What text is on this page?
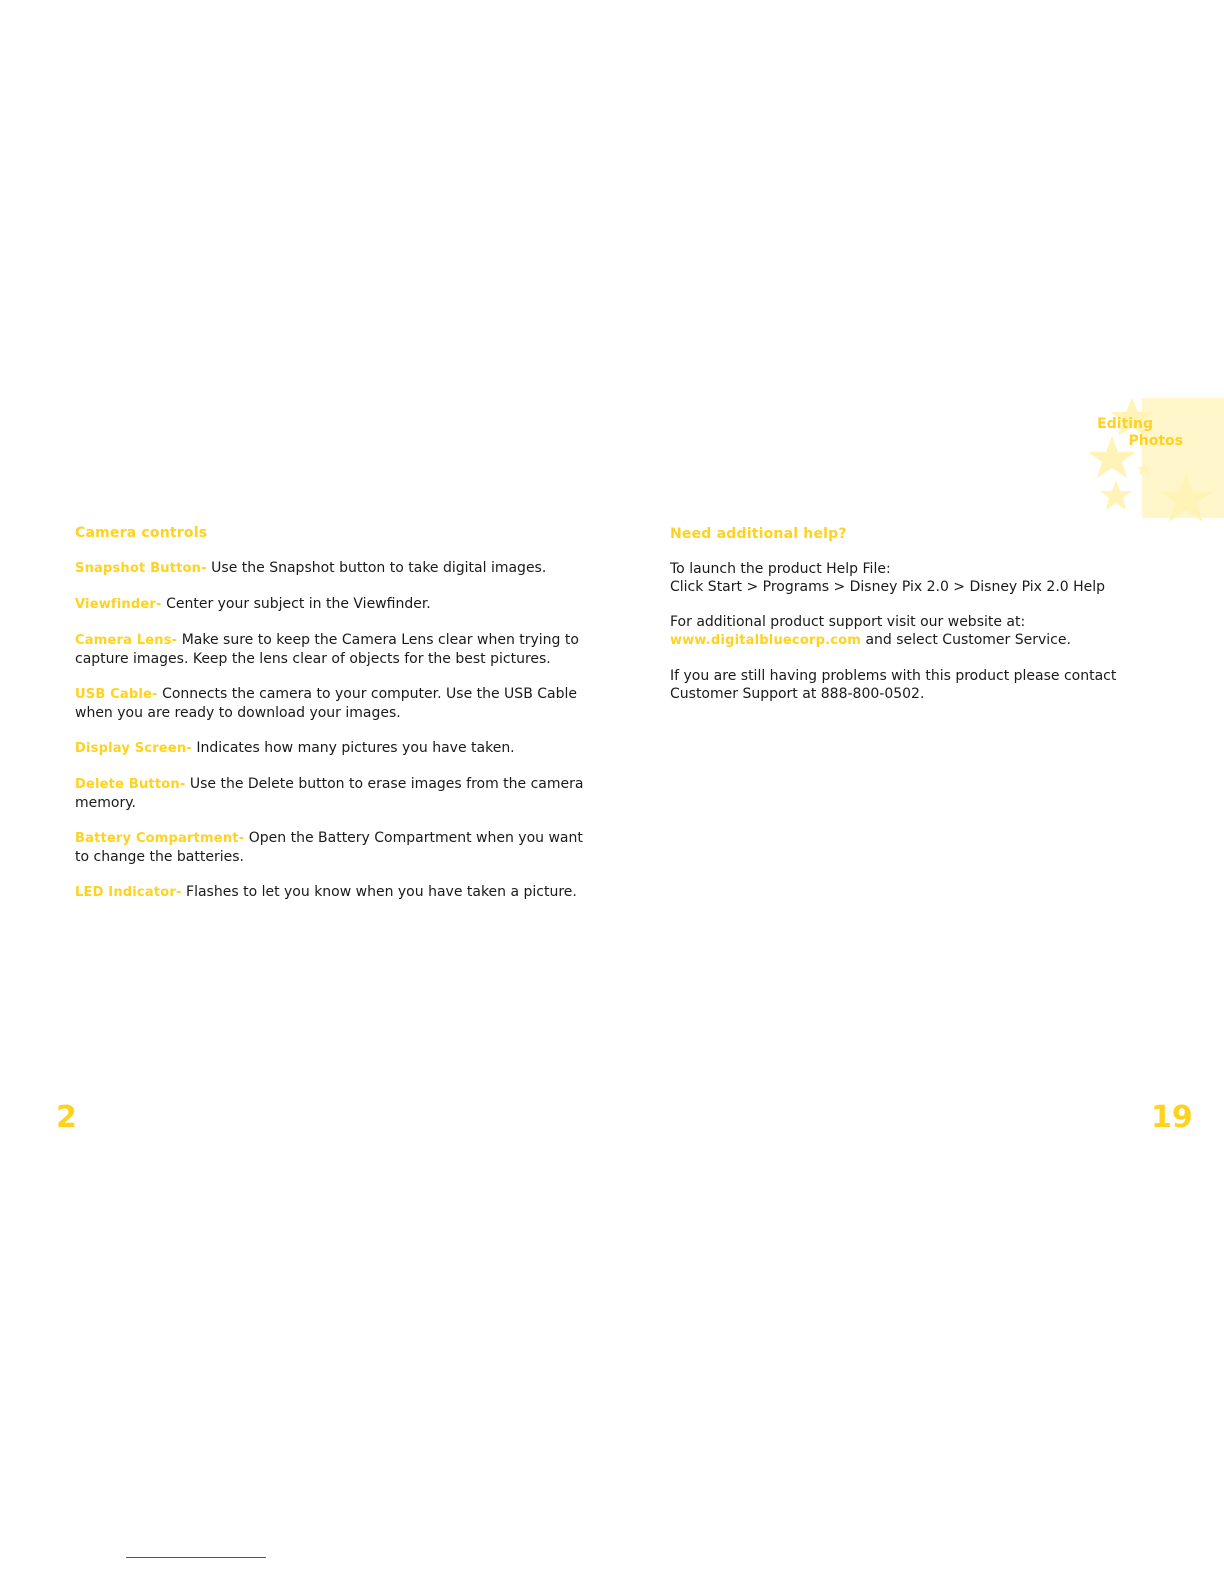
Editing
Photos
Camera controls
Snapshot Button- Use the Snapshot button to take digital images.
Viewfinder- Center your subject in the Viewfinder.
Camera Lens- Make sure to keep the Camera Lens clear when trying to capture images. Keep the lens clear of objects for the best pictures.
USB Cable- Connects the camera to your computer. Use the USB Cable when you are ready to download your images.
Display Screen- Indicates how many pictures you have taken.
Delete Button- Use the Delete button to erase images from the camera memory.
Battery Compartment- Open the Battery Compartment when you want to change the batteries.
LED Indicator- Flashes to let you know when you have taken a picture.
Need additional help?
To launch the product Help File:
Click Start > Programs > Disney Pix 2.0 > Disney Pix 2.0 Help
For additional product support visit our website at:
www.digitalbluecorp.com and select Customer Service.
If you are still having problems with this product please contact Customer Support at 888-800-0502.
2	19
